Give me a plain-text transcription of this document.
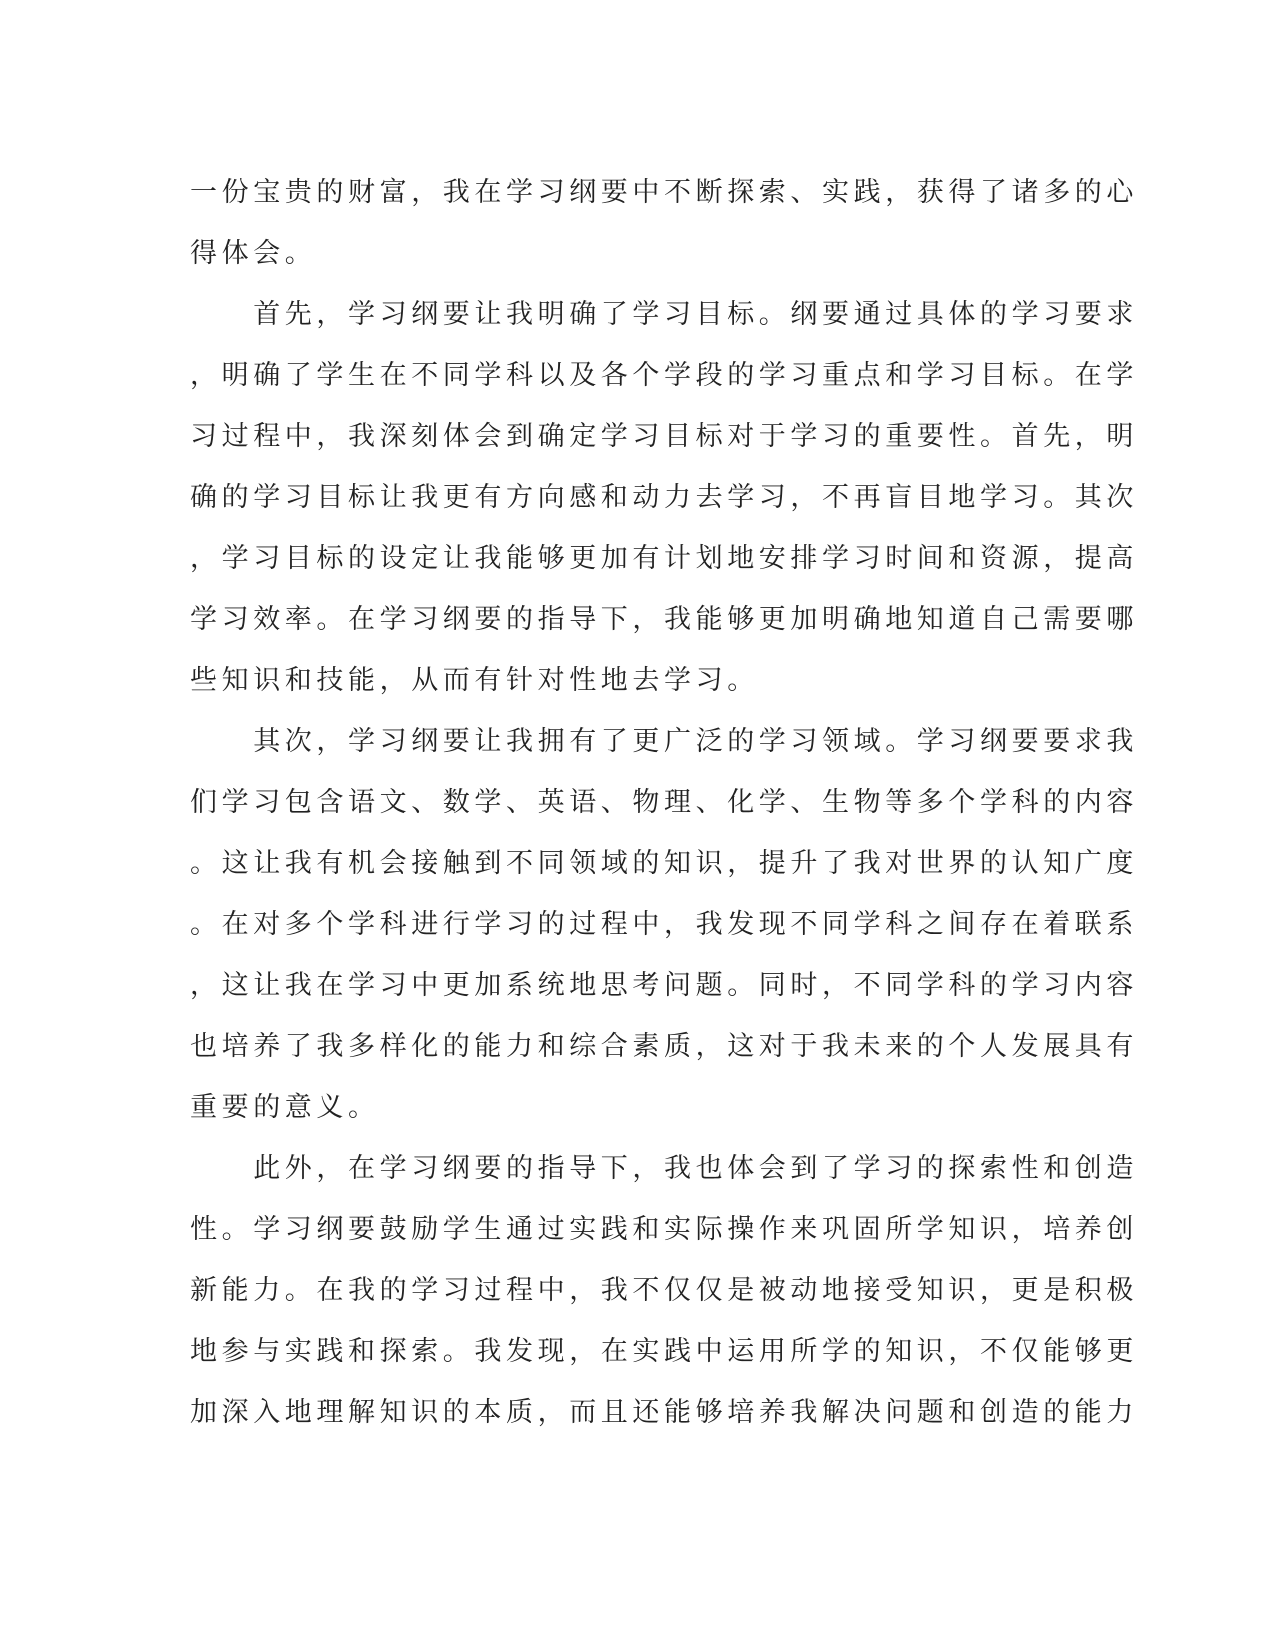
一份宝贵的财富，我在学习纲要中不断探索、实践，获得了诸多的心
得体会。
　　首先，学习纲要让我明确了学习目标。纲要通过具体的学习要求
，明确了学生在不同学科以及各个学段的学习重点和学习目标。在学
习过程中，我深刻体会到确定学习目标对于学习的重要性。首先，明
确的学习目标让我更有方向感和动力去学习，不再盲目地学习。其次
，学习目标的设定让我能够更加有计划地安排学习时间和资源，提高
学习效率。在学习纲要的指导下，我能够更加明确地知道自己需要哪
些知识和技能，从而有针对性地去学习。
　　其次，学习纲要让我拥有了更广泛的学习领域。学习纲要要求我
们学习包含语文、数学、英语、物理、化学、生物等多个学科的内容
。这让我有机会接触到不同领域的知识，提升了我对世界的认知广度
。在对多个学科进行学习的过程中，我发现不同学科之间存在着联系
，这让我在学习中更加系统地思考问题。同时，不同学科的学习内容
也培养了我多样化的能力和综合素质，这对于我未来的个人发展具有
重要的意义。
　　此外，在学习纲要的指导下，我也体会到了学习的探索性和创造
性。学习纲要鼓励学生通过实践和实际操作来巩固所学知识，培养创
新能力。在我的学习过程中，我不仅仅是被动地接受知识，更是积极
地参与实践和探索。我发现，在实践中运用所学的知识，不仅能够更
加深入地理解知识的本质，而且还能够培养我解决问题和创造的能力
